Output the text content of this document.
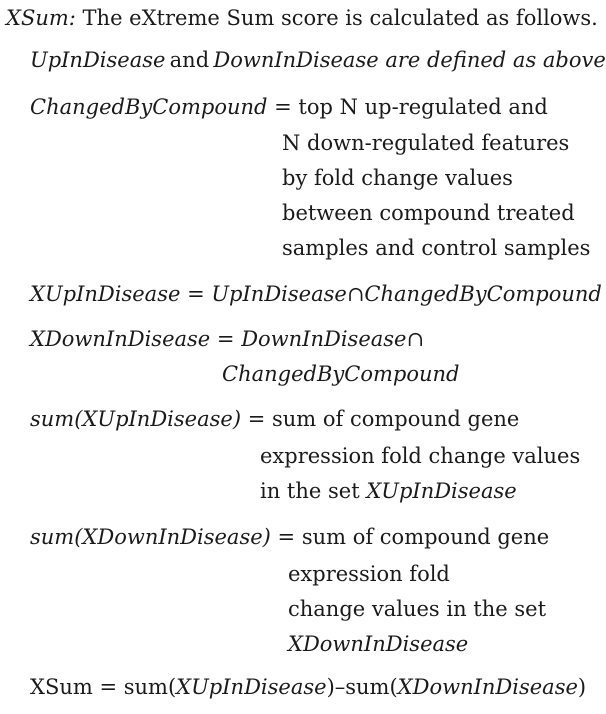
XSum: The eXtreme Sum score is calculated as follows.
UpInDisease  and  DownInDisease are defined as above
ChangedByCompound = top N up-regulated and
N down-regulated features
by fold change values
between compound treated
samples and control samples
XUpInDisease = UpInDisease∩ChangedByCompound
XDownInDisease = DownInDisease∩
ChangedByCompound
sum(XUpInDisease) = sum of compound gene
expression fold change values
in the set XUpInDisease
sum(XDownInDisease) = sum of compound gene
expression fold
change values in the set
XDownInDisease
XSum = sum(XUpInDisease)–sum(XDownInDisease)
